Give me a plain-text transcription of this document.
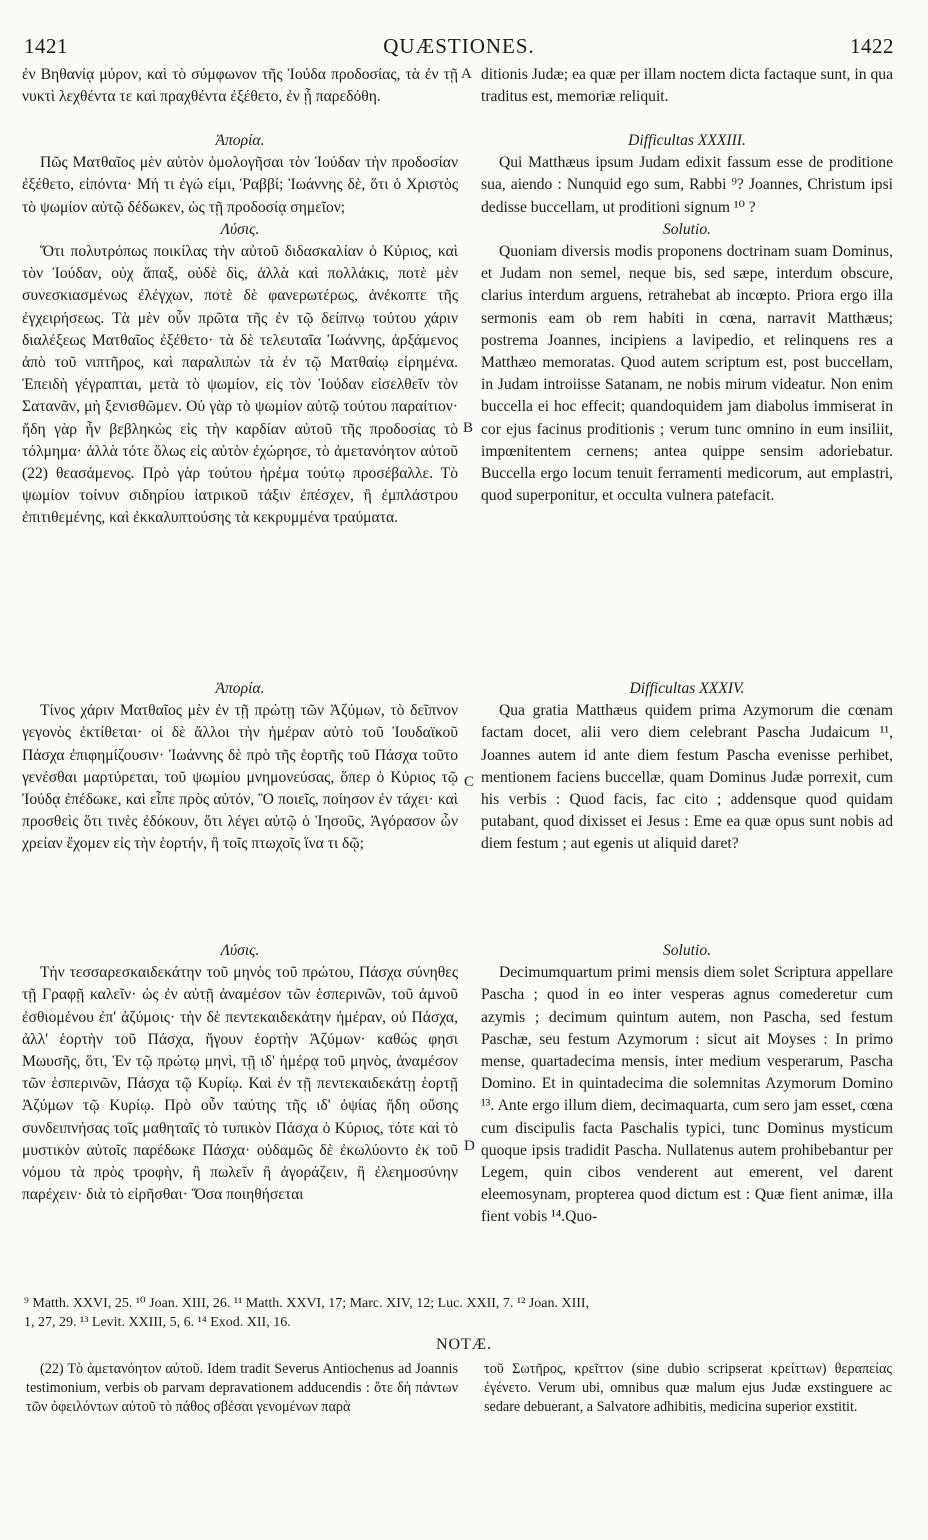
1421	QUÆSTIONES.	1422

ἐν Βηθανίᾳ μύρον, καὶ τὸ σύμφωνον τῆς Ἰούδα προδοσίας, τὰ ἐν τῇ νυκτὶ λεχθέντα τε καὶ πραχθέντα ἐξέθετο, ἐν ᾗ παρεδόθη.

Ἀπορία.

Πῶς Ματθαῖος μὲν αὐτὸν ὁμολογῆσαι τὸν Ἰούδαν τὴν προδοσίαν ἐξέθετο, εἰπόντα· Μή τι ἐγώ εἰμι, Ῥαββί; Ἰωάννης δὲ, ὅτι ὁ Χριστὸς τὸ ψωμίον αὐτῷ δέδωκεν, ὡς τῇ προδοσίᾳ σημεῖον;

Λύσις.

Ὅτι πολυτρόπως ποικίλας τὴν αὐτοῦ διδασκαλίαν ὁ Κύριος, καὶ τὸν Ἰούδαν, οὐχ ἅπαξ, οὐδὲ δὶς, ἀλλὰ καὶ πολλάκις, ποτὲ μὲν συνεσκιασμένως ἐλέγχων, ποτὲ δὲ φανερωτέρως, ἀνέκοπτε τῆς ἐγχειρήσεως. Τὰ μὲν οὖν πρῶτα τῆς ἐν τῷ δείπνῳ τούτου χάριν διαλέξεως Ματθαῖος ἐξέθετο· τὰ δὲ τελευταῖα Ἰωάννης, ἀρξάμενος ἀπὸ τοῦ νιπτῆρος, καὶ παραλιπὼν τὰ ἐν τῷ Ματθαίῳ εἰρημένα. Ἐπειδὴ γέγραπται, μετὰ τὸ ψωμίον, εἰς τὸν Ἰούδαν εἰσελθεῖν τὸν Σατανᾶν, μὴ ξενισθῶμεν. Οὐ γὰρ τὸ ψωμίον αὐτῷ τούτου παραίτιον· ἤδη γὰρ ἦν βεβληκὼς εἰς τὴν καρδίαν αὐτοῦ τῆς προδοσίας τὸ τόλμημα· ἀλλὰ τότε ὅλως εἰς αὐτὸν ἐχώρησε, τὸ ἀμετανόητον αὐτοῦ (22) θεασάμενος. Πρὸ γὰρ τούτου ἠρέμα τούτῳ προσέβαλλε. Τὸ ψωμίον τοίνυν σιδηρίου ἰατρικοῦ τάξιν ἐπέσχεν, ἢ ἐμπλάστρου ἐπιτιθεμένης, καὶ ἐκκαλυπτούσης τὰ κεκρυμμένα τραύματα.

Ἀπορία.

Τίνος χάριν Ματθαῖος μὲν ἐν τῇ πρώτῃ τῶν Ἀζύμων, τὸ δεῖπνον γεγονὸς ἐκτίθεται· οἱ δὲ ἄλλοι τὴν ἡμέραν αὐτὸ τοῦ Ἰουδαϊκοῦ Πάσχα ἐπιφημίζουσιν· Ἰωάννης δὲ πρὸ τῆς ἑορτῆς τοῦ Πάσχα τοῦτο γενέσθαι μαρτύρεται, τοῦ ψωμίου μνημονεύσας, ὅπερ ὁ Κύριος τῷ Ἰούδᾳ ἐπέδωκε, καὶ εἶπε πρὸς αὐτόν, Ὃ ποιεῖς, ποίησον ἐν τάχει· καὶ προσθεὶς ὅτι τινὲς ἐδόκουν, ὅτι λέγει αὐτῷ ὁ Ἰησοῦς, Ἀγόρασον ὧν χρείαν ἔχομεν εἰς τὴν ἑορτήν, ἢ τοῖς πτωχοῖς ἵνα τι δῷ;

Λύσις.

Τὴν τεσσαρεσκαιδεκάτην τοῦ μηνὸς τοῦ πρώτου, Πάσχα σύνηθες τῇ Γραφῇ καλεῖν· ὡς ἐν αὐτῇ ἀναμέσον τῶν ἑσπερινῶν, τοῦ ἀμνοῦ ἐσθιομένου ἐπ' ἀζύμοις· τὴν δὲ πεντεκαιδεκάτην ἡμέραν, οὐ Πάσχα, ἀλλ' ἑορτὴν τοῦ Πάσχα, ἤγουν ἑορτὴν Ἀζύμων· καθώς φησι Μωυσῆς, ὅτι, Ἐν τῷ πρώτῳ μηνὶ, τῇ ιδ' ἡμέρᾳ τοῦ μηνὸς, ἀναμέσον τῶν ἑσπερινῶν, Πάσχα τῷ Κυρίῳ. Καὶ ἐν τῇ πεντεκαιδεκάτῃ ἑορτῇ Ἀζύμων τῷ Κυρίῳ. Πρὸ οὖν ταύτης τῆς ιδ' ὀψίας ἤδη οὔσης συνδειπνήσας τοῖς μαθηταῖς τὸ τυπικὸν Πάσχα ὁ Κύριος, τότε καὶ τὸ μυστικὸν αὐτοῖς παρέδωκε Πάσχα· οὐδαμῶς δὲ ἐκωλύοντο ἐκ τοῦ νόμου τὰ πρὸς τροφὴν, ἢ πωλεῖν ἢ ἀγοράζειν, ἢ ἐλεημοσύνην παρέχειν· διὰ τὸ εἰρῆσθαι· Ὅσα ποιηθήσεται

A
B
C
D

ditionis Judæ; ea quæ per illam noctem dicta factaque sunt, in qua traditus est, memoriæ reliquit.

Difficultas XXXIII.

Qui Matthæus ipsum Judam edixit fassum esse de proditione sua, aiendo : Nunquid ego sum, Rabbi ⁹? Joannes, Christum ipsi dedisse buccellam, ut proditioni signum ¹⁰ ?

Solutio.

Quoniam diversis modis proponens doctrinam suam Dominus, et Judam non semel, neque bis, sed sæpe, interdum obscure, clarius interdum arguens, retrahebat ab incœpto. Priora ergo illa sermonis eam ob rem habiti in cœna, narravit Matthæus; postrema Joannes, incipiens a lavipedio, et relinquens res a Matthæo memoratas. Quod autem scriptum est, post buccellam, in Judam introiisse Satanam, ne nobis mirum videatur. Non enim buccella ei hoc effecit; quandoquidem jam diabolus immiserat in cor ejus facinus proditionis ; verum tunc omnino in eum insiliit, impœnitentem cernens; antea quippe sensim adoriebatur. Buccella ergo locum tenuit ferramenti medicorum, aut emplastri, quod superponitur, et occulta vulnera patefacit.

Difficultas XXXIV.

Qua gratia Matthæus quidem prima Azymorum die cœnam factam docet, alii vero diem celebrant Pascha Judaicum ¹¹, Joannes autem id ante diem festum Pascha evenisse perhibet, mentionem faciens buccellæ, quam Dominus Judæ porrexit, cum his verbis : Quod facis, fac cito ; addensque quod quidam putabant, quod dixisset ei Jesus : Eme ea quæ opus sunt nobis ad diem festum ; aut egenis ut aliquid daret?

Solutio.

Decimumquartum primi mensis diem solet Scriptura appellare Pascha ; quod in eo inter vesperas agnus comederetur cum azymis ; decimum quintum autem, non Pascha, sed festum Paschæ, seu festum Azymorum : sicut ait Moyses : In primo mense, quartadecima mensis, inter medium vesperarum, Pascha Domino. Et in quintadecima die solemnitas Azymorum Domino ¹³. Ante ergo illum diem, decimaquarta, cum sero jam esset, cœna cum discipulis facta Paschalis typici, tunc Dominus mysticum quoque ipsis tradidit Pascha. Nullatenus autem prohibebantur per Legem, quin cibos venderent aut emerent, vel darent eleemosynam, propterea quod dictum est : Quæ fient animæ, illa fient vobis ¹⁴.Quo-

⁹ Matth. XXVI, 25. ¹⁰ Joan. XIII, 26. ¹¹ Matth. XXVI, 17; Marc. XIV, 12; Luc. XXII, 7. ¹² Joan. XIII,
1, 27, 29. ¹³ Levit. XXIII, 5, 6. ¹⁴ Exod. XII, 16.
NOTÆ.

(22) Τὸ ἀμετανόητον αὐτοῦ. Idem tradit Severus Antiochenus ad Joannis testimonium, verbis ob parvam depravationem adducendis : ὅτε δὴ πάντων τῶν ὀφειλόντων αὐτοῦ τὸ πάθος σβέσαι γενομένων παρὰ

τοῦ Σωτῆρος, κρεῖττον (sine dubio scripserat κρείττων) θεραπείας ἐγένετο. Verum ubi, omnibus quæ malum ejus Judæ exstinguere ac sedare debuerant, a Salvatore adhibitis, medicina superior exstitit.
